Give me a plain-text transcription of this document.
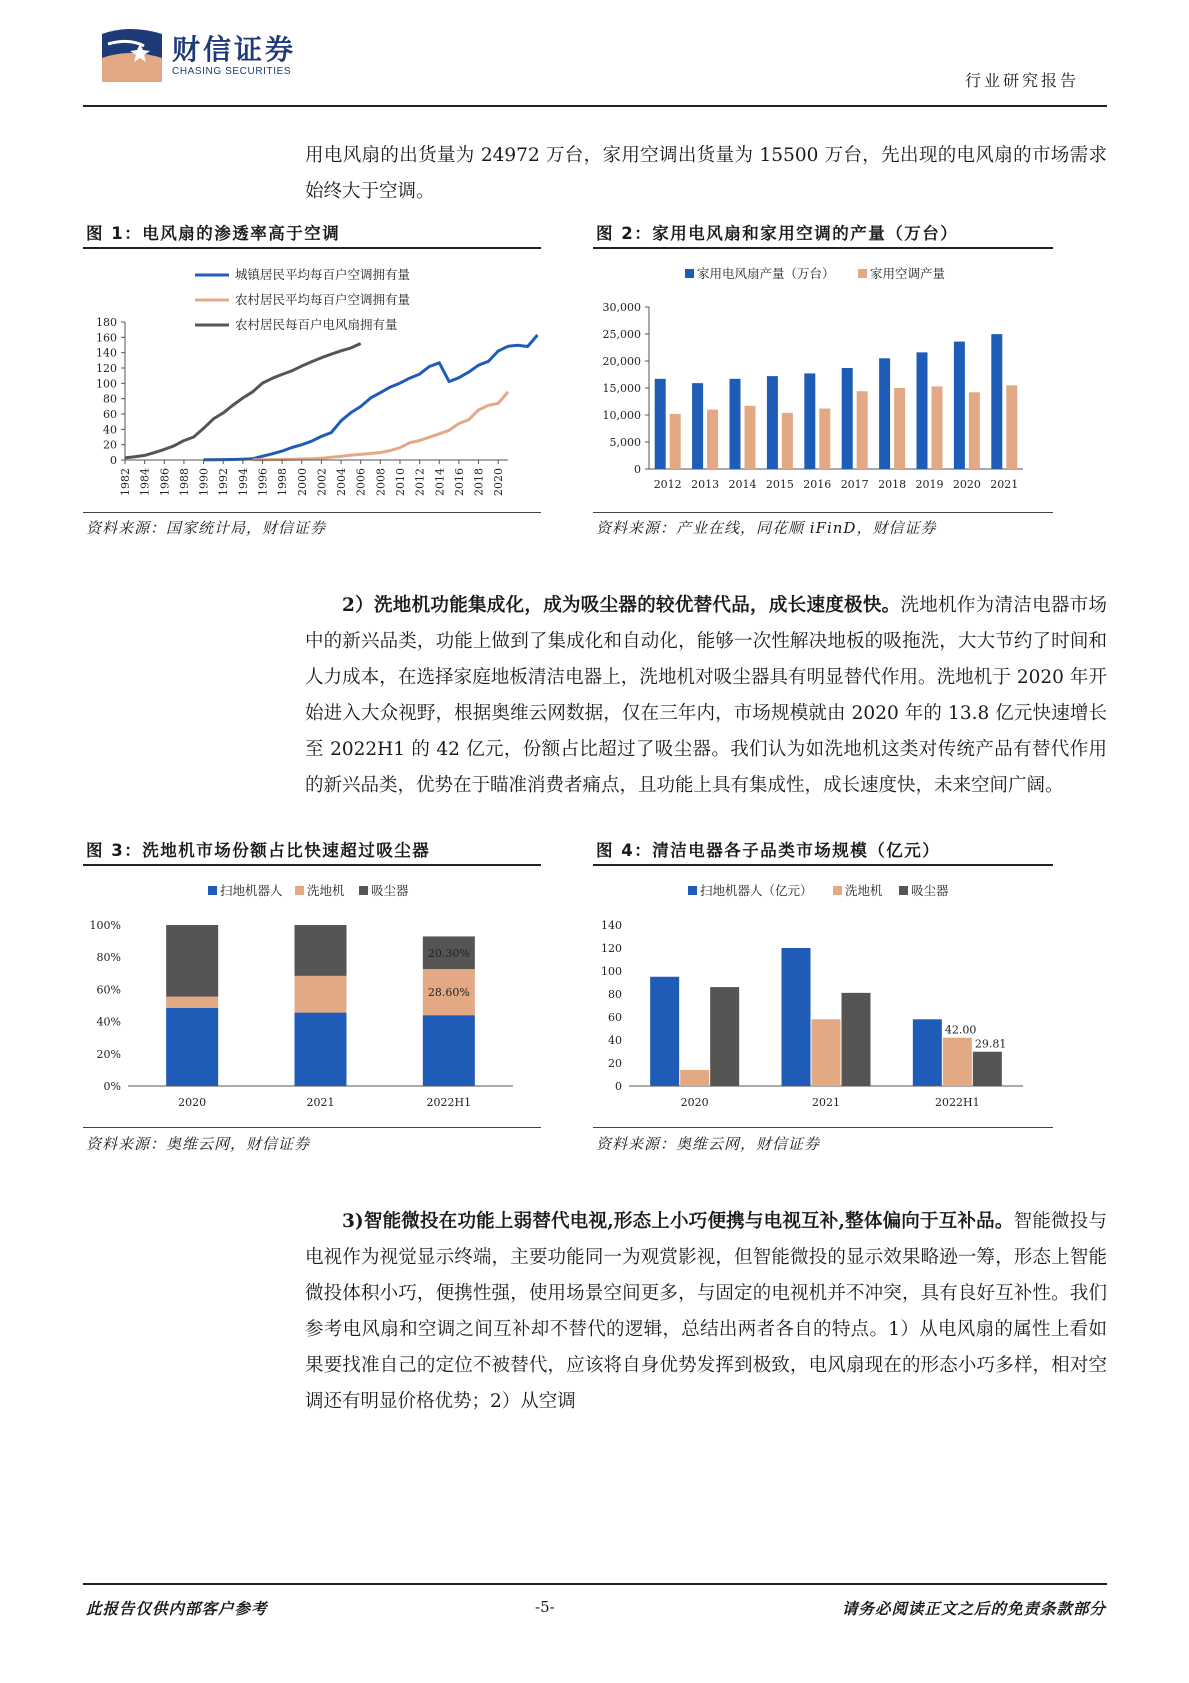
财信证券
CHASING SECURITIES	行业研究报告
用电风扇的出货量为 24972 万台，家用空调出货量为 15500 万台，先出现的电风扇的市场需求始终大于空调。
图 1：电风扇的渗透率高于空调	图 2：家用电风扇和家用空调的产量（万台）
城镇居民平均每百户空调拥有量
农村居民平均每百户空调拥有量
农村居民每百户电风扇拥有量
0
20
40
60
80
100
120
140
160
180
1982 1984 1986 1988 1990 1992 1994 1996 1998 2000 2002 2004 2006 2008 2010 2012 2014 2016 2018 2020
资料来源：国家统计局，财信证券
家用电风扇产量（万台）	家用空调产量
0
5,000
10,000
15,000
20,000
25,000
30,000
2012 2013 2014 2015 2016 2017 2018 2019 2020 2021
资料来源：产业在线，同花顺 iFinD，财信证券
2）洗地机功能集成化，成为吸尘器的较优替代品，成长速度极快。洗地机作为清洁电器市场中的新兴品类，功能上做到了集成化和自动化，能够一次性解决地板的吸拖洗，大大节约了时间和人力成本，在选择家庭地板清洁电器上，洗地机对吸尘器具有明显替代作用。洗地机于 2020 年开始进入大众视野，根据奥维云网数据，仅在三年内，市场规模就由 2020 年的 13.8 亿元快速增长至 2022H1 的 42 亿元，份额占比超过了吸尘器。我们认为如洗地机这类对传统产品有替代作用的新兴品类，优势在于瞄准消费者痛点，且功能上具有集成性，成长速度快，未来空间广阔。
图 3：洗地机市场份额占比快速超过吸尘器	图 4：清洁电器各子品类市场规模（亿元）
扫地机器人 洗地机 吸尘器
0%
20%
40%
60%
80%
100%
2020	2021	2022H1
28.60%
20.30%
资料来源：奥维云网，财信证券
扫地机器人（亿元）	洗地机 吸尘器
0
20
40
60
80
100
120
140
2020	2021	2022H1
42.00
29.81
资料来源：奥维云网，财信证券
3)智能微投在功能上弱替代电视,形态上小巧便携与电视互补,整体偏向于互补品。智能微投与电视作为视觉显示终端，主要功能同一为观赏影视，但智能微投的显示效果略逊一筹，形态上智能微投体积小巧，便携性强，使用场景空间更多，与固定的电视机并不冲突，具有良好互补性。我们参考电风扇和空调之间互补却不替代的逻辑，总结出两者各自的特点。1）从电风扇的属性上看如果要找准自己的定位不被替代，应该将自身优势发挥到极致，电风扇现在的形态小巧多样，相对空调还有明显价格优势；2）从空调
此报告仅供内部客户参考	-5-	请务必阅读正文之后的免责条款部分
